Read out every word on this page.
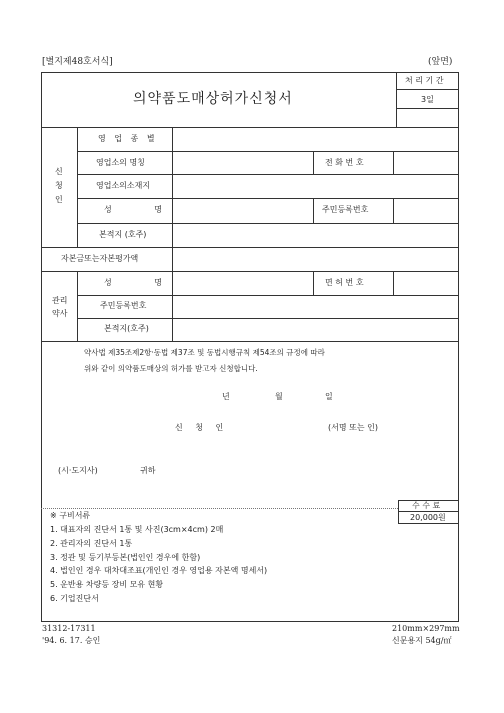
[별지제48호서식]	(앞면)
의약품도매상허가신청서
처 리 기 간
3일
신
청
인
영 업 종 별
영업소의 명칭	전 화 번 호
영업소의소재지
성 명	주민등록번호
본적지 (호주)
자본금또는자본평가액
관리
약사
성 명	면 허 번 호
주민등록번호
본적지(호주)
약사법 제35조제2항·동법 제37조 및 동법시행규칙 제54조의 규정에 따라
위와 같이 의약품도매상의 허가를 받고자 신청합니다.
년	월	일
신 청 인	(서명 또는 인)
(시·도지사)	귀하
수 수 료
20,000원
※ 구비서류
1. 대표자의 진단서 1통 및 사진(3cm×4cm) 2매
2. 관리자의 진단서 1통
3. 정관 및 등기부등본(법인인 경우에 한함)
4. 법인인 경우 대차대조표(개인인 경우 영업용 자본액 명세서)
5. 운반용 차량등 장비 모유 현황
6. 기업진단서
31312-17311
'94. 6. 17. 승인
210mm×297mm
신문용지 54g/㎡
